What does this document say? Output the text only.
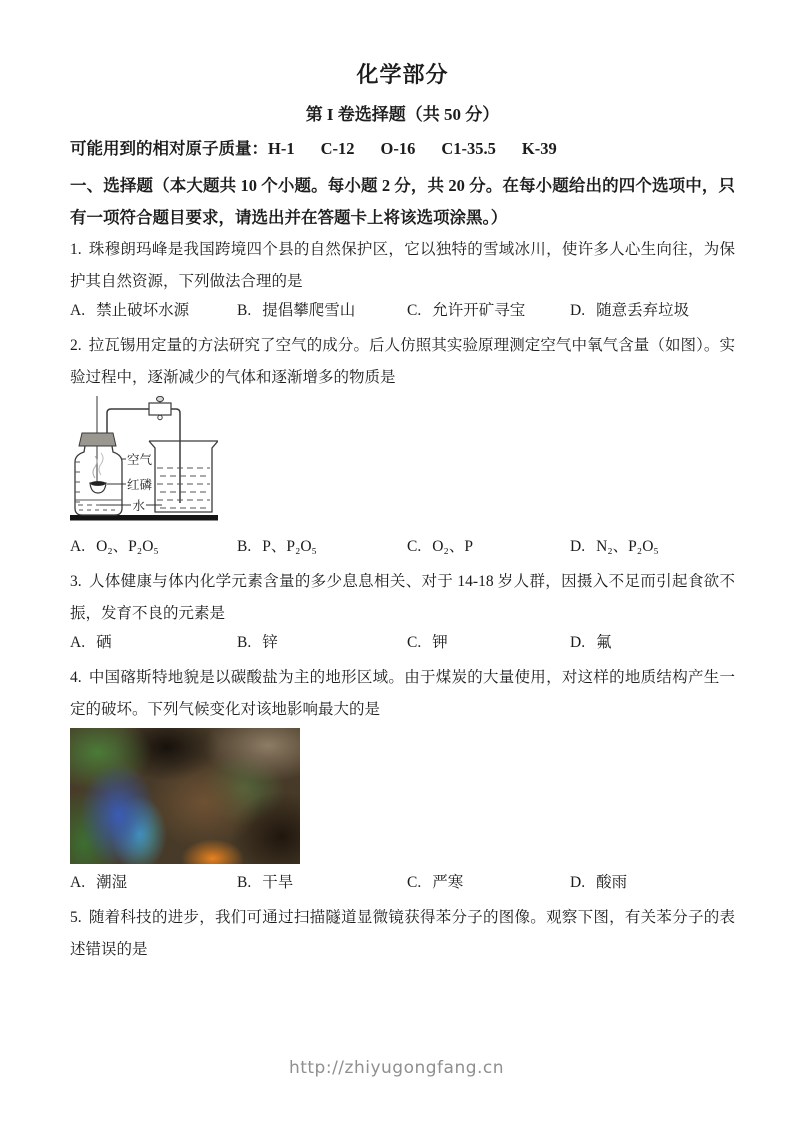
化学部分
第 I 卷选择题（共 50 分）
可能用到的相对原子质量：H-1 C-12 O-16 C1-35.5 K-39
一、选择题（本大题共 10 个小题。每小题 2 分，共 20 分。在每小题给出的四个选项中，只有一项符合题目要求，请选出并在答题卡上将该选项涂黑。）

1. 珠穆朗玛峰是我国跨境四个县的自然保护区，它以独特的雪域冰川，使许多人心生向往，为保护其自然资源，下列做法合理的是

A. 禁止破坏水源	B. 提倡攀爬雪山	C. 允许开矿寻宝	D. 随意丢弃垃圾

2. 拉瓦锡用定量的方法研究了空气的成分。后人仿照其实验原理测定空气中氧气含量（如图）。实验过程中，逐渐减少的气体和逐渐增多的物质是

空气
红磷
水
A. O₂、P₂O₅	B. P、P₂O₅	C. O₂、P	D. N₂、P₂O₅

3. 人体健康与体内化学元素含量的多少息息相关、对于 14-18 岁人群，因摄入不足而引起食欲不振，发育不良的元素是

A. 硒	B. 锌	C. 钾	D. 氟

4. 中国碦斯特地貌是以碳酸盐为主的地形区域。由于煤炭的大量使用，对这样的地质结构产生一定的破坏。下列气候变化对该地影响最大的是

A. 潮湿	B. 干旱	C. 严寒	D. 酸雨

5. 随着科技的进步，我们可通过扫描隧道显微镜获得苯分子的图像。观察下图，有关苯分子的表述错误的是

http://zhiyugongfang.cn
